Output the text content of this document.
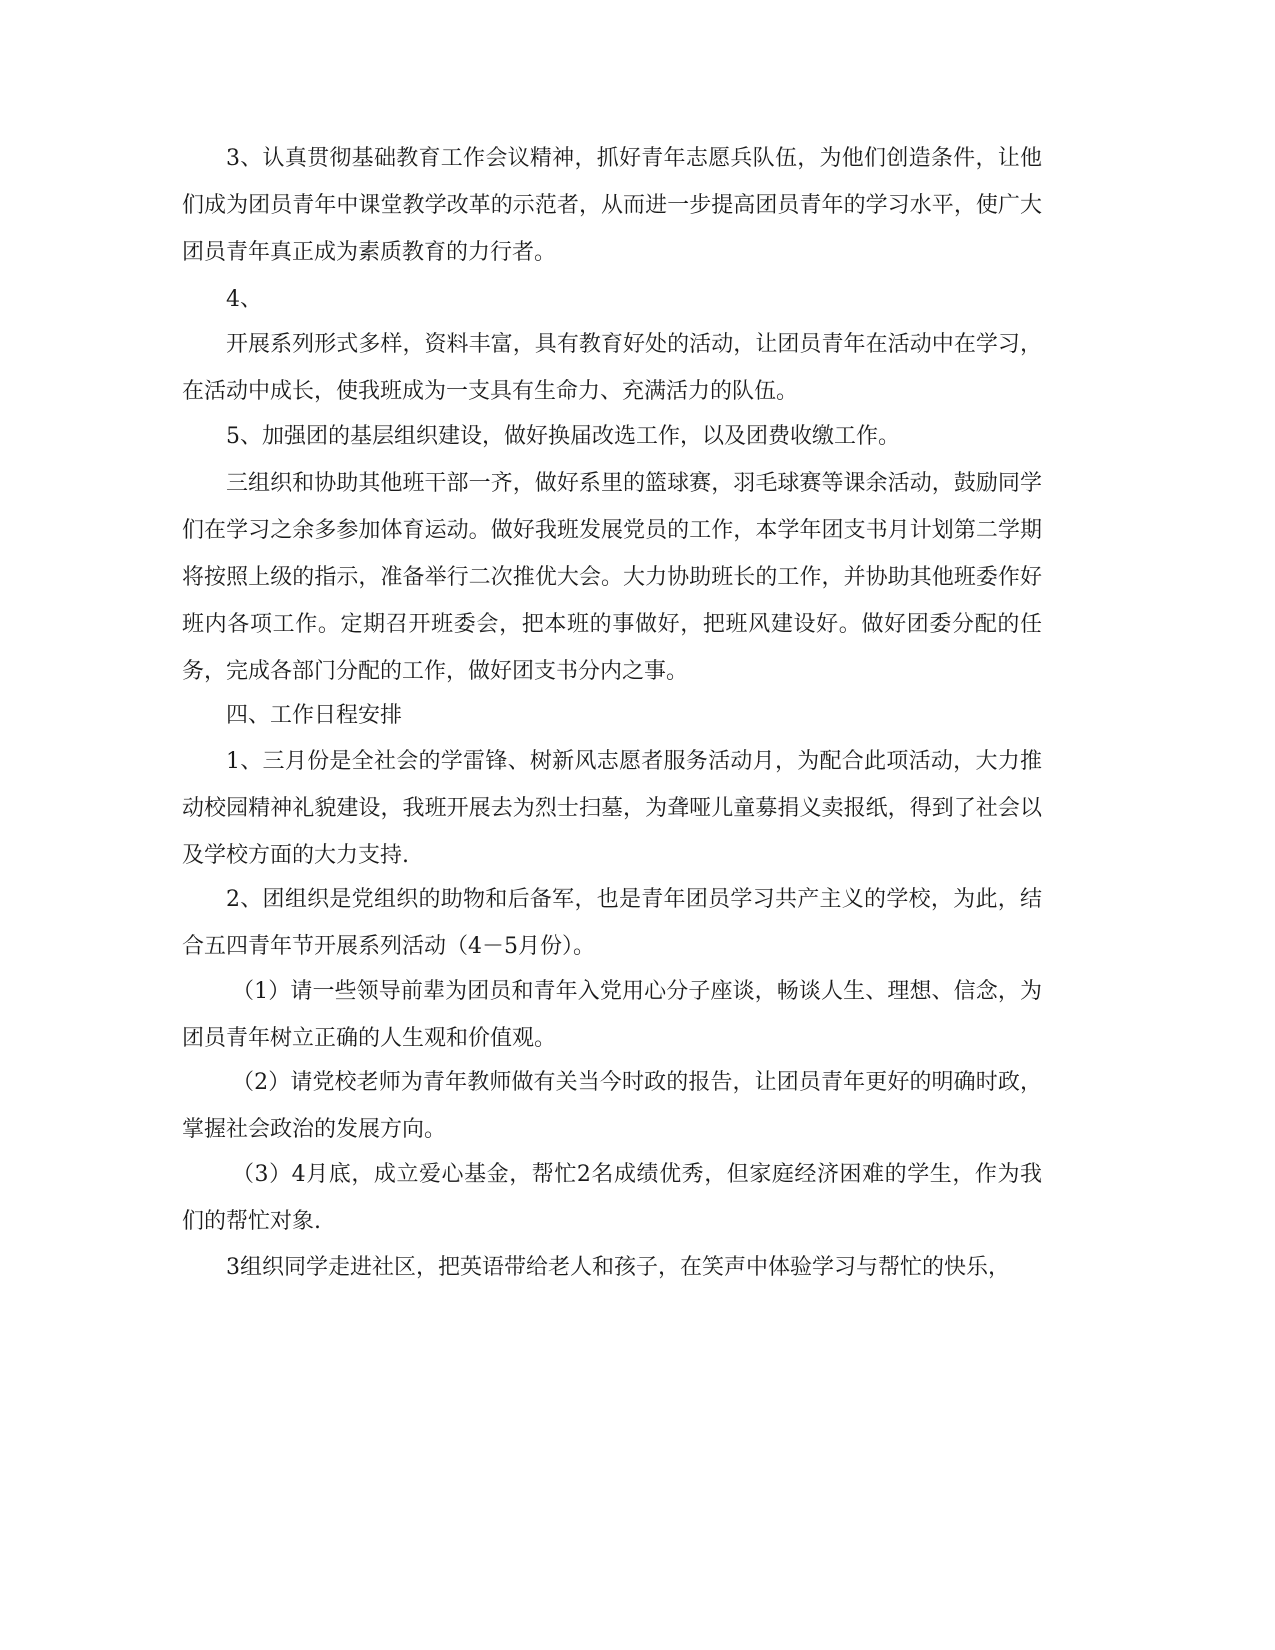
3、认真贯彻基础教育工作会议精神，抓好青年志愿兵队伍，为他们创造条件，让他们成为团员青年中课堂教学改革的示范者，从而进一步提高团员青年的学习水平，使广大团员青年真正成为素质教育的力行者。

4、

开展系列形式多样，资料丰富，具有教育好处的活动，让团员青年在活动中在学习，在活动中成长，使我班成为一支具有生命力、充满活力的队伍。

5、加强团的基层组织建设，做好换届改选工作，以及团费收缴工作。

三组织和协助其他班干部一齐，做好系里的篮球赛，羽毛球赛等课余活动，鼓励同学们在学习之余多参加体育运动。做好我班发展党员的工作，本学年团支书月计划第二学期将按照上级的指示，准备举行二次推优大会。大力协助班长的工作，并协助其他班委作好班内各项工作。定期召开班委会，把本班的事做好，把班风建设好。做好团委分配的任务，完成各部门分配的工作，做好团支书分内之事。

四、工作日程安排

1、三月份是全社会的学雷锋、树新风志愿者服务活动月，为配合此项活动，大力推动校园精神礼貌建设，我班开展去为烈士扫墓，为聋哑儿童募捐义卖报纸，得到了社会以及学校方面的大力支持.

2、团组织是党组织的助物和后备军，也是青年团员学习共产主义的学校，为此，结合五四青年节开展系列活动（4－5月份）。

（1）请一些领导前辈为团员和青年入党用心分子座谈，畅谈人生、理想、信念，为团员青年树立正确的人生观和价值观。

（2）请党校老师为青年教师做有关当今时政的报告，让团员青年更好的明确时政，掌握社会政治的发展方向。

（3）4月底，成立爱心基金，帮忙2名成绩优秀，但家庭经济困难的学生，作为我们的帮忙对象.

3组织同学走进社区，把英语带给老人和孩子，在笑声中体验学习与帮忙的快乐，
